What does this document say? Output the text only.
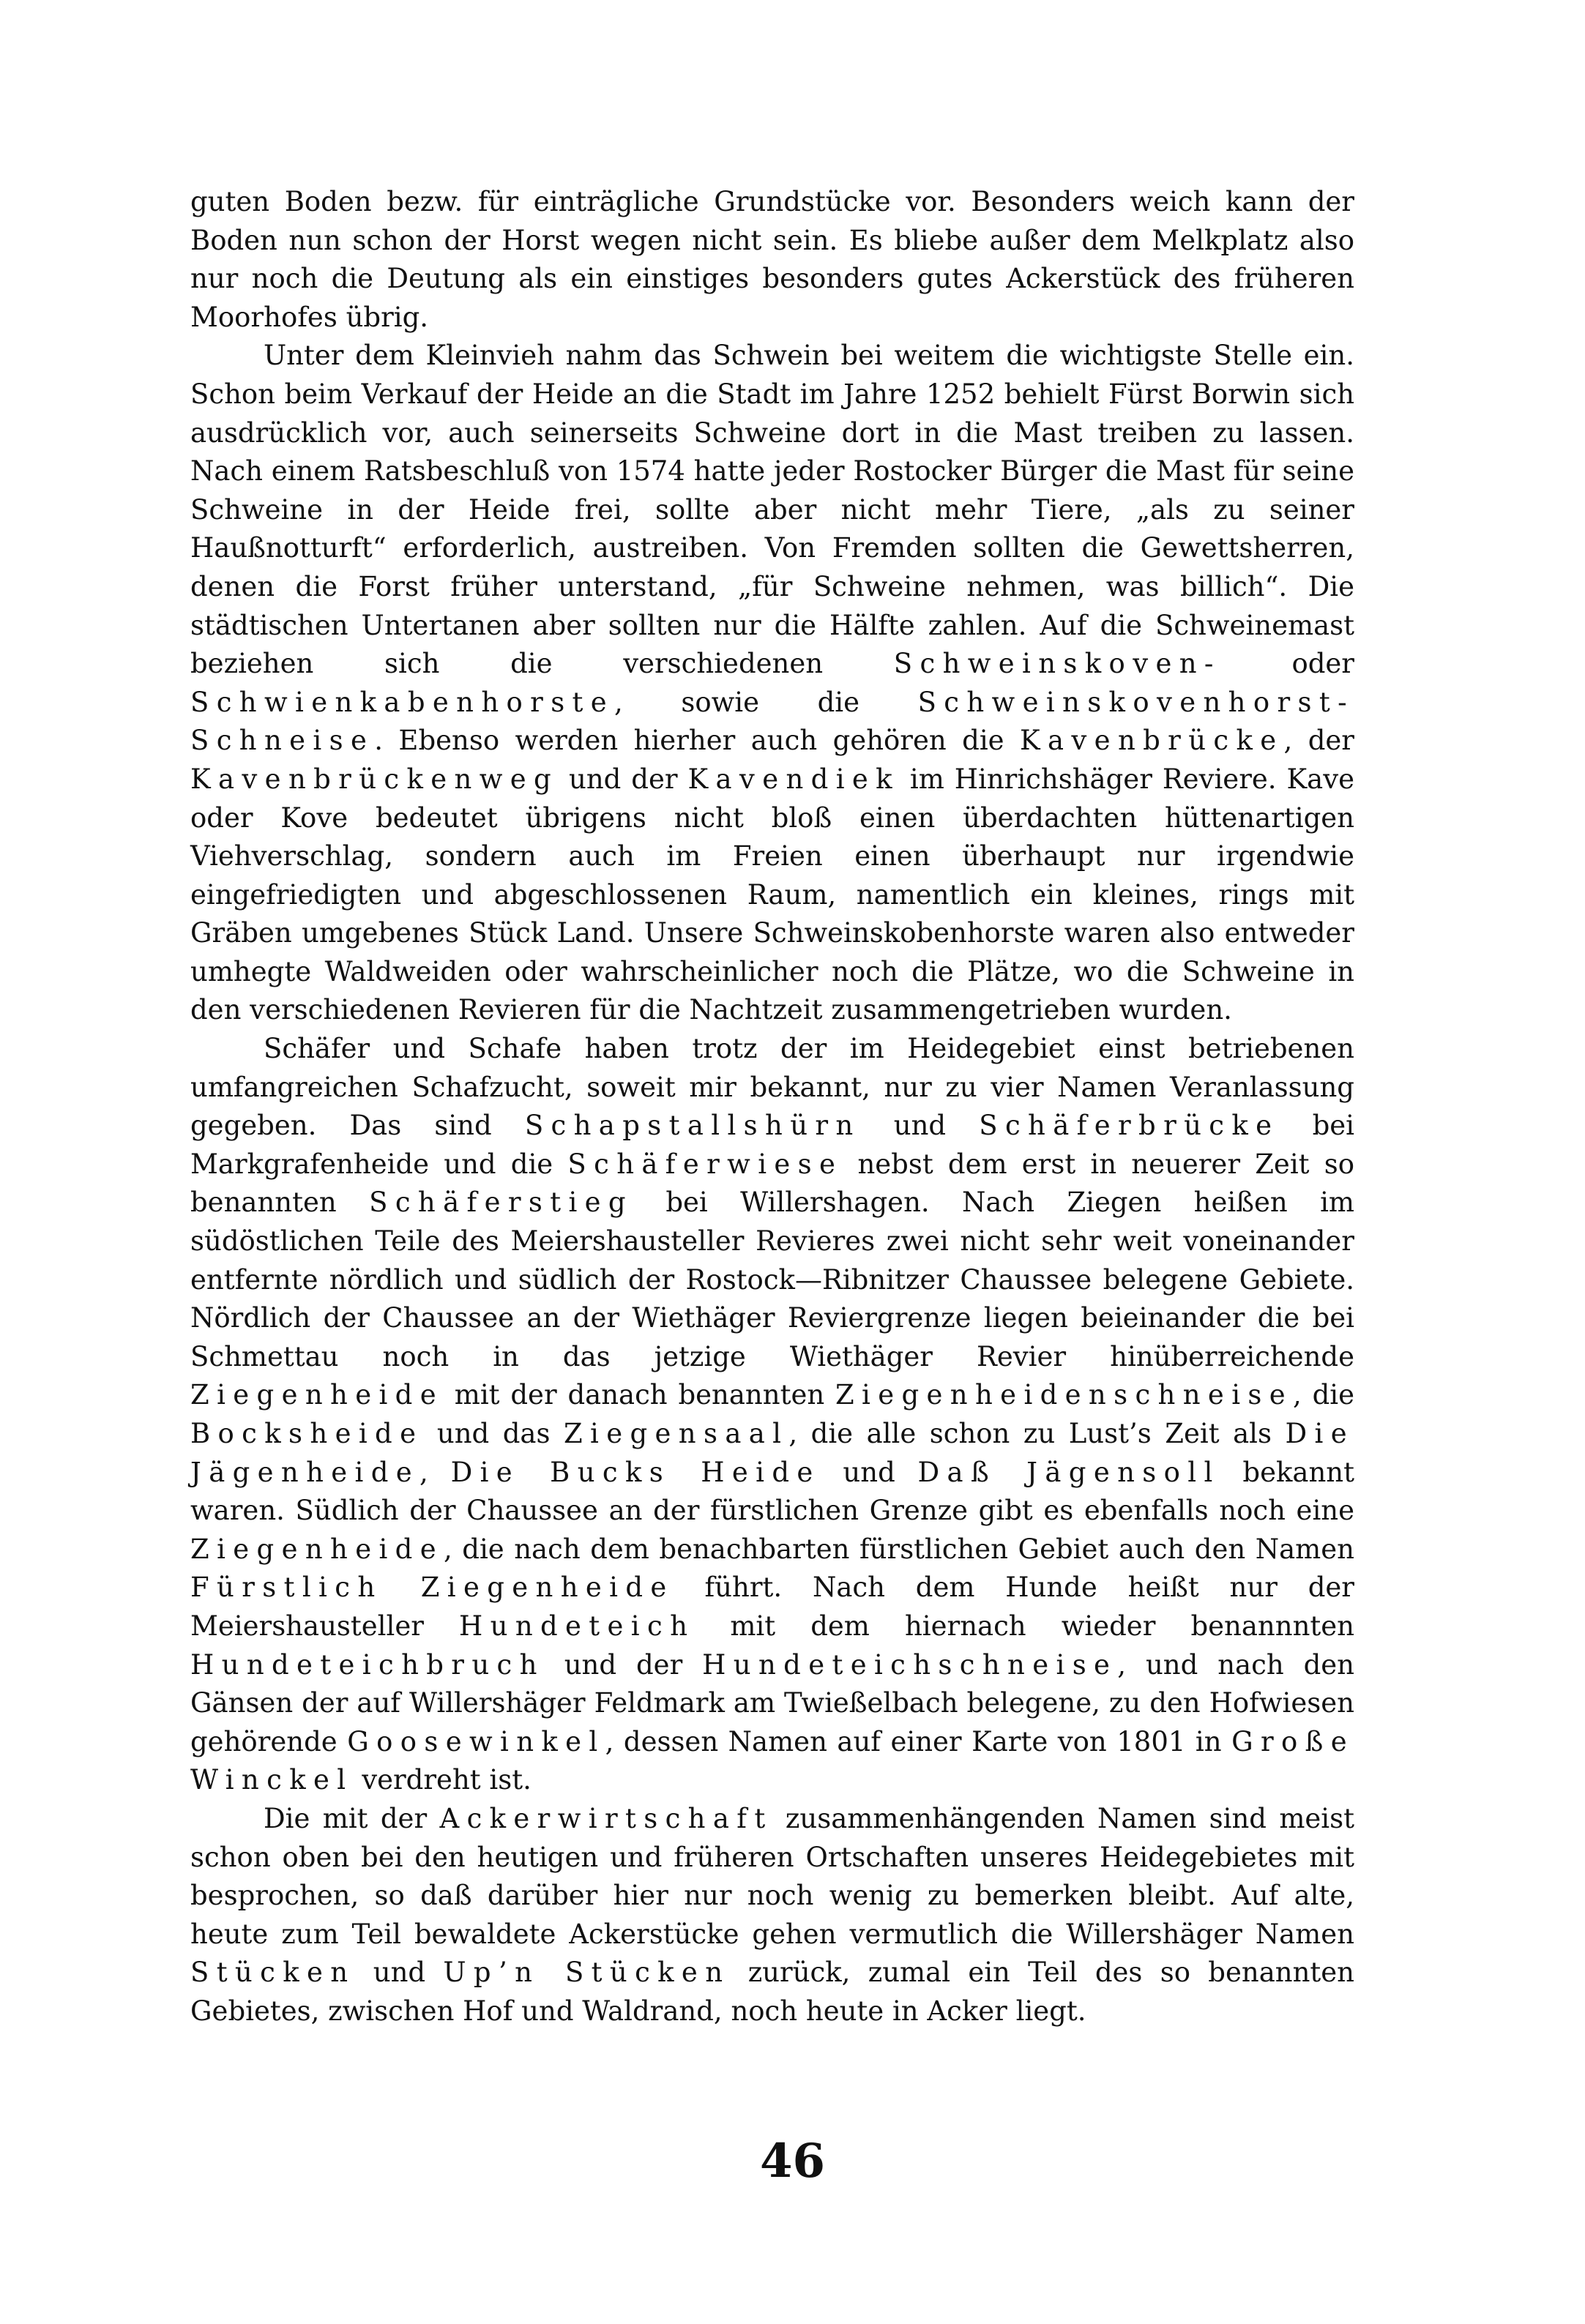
guten Boden bezw. für einträgliche Grundstücke vor. Besonders weich kann der Boden nun schon der Horst wegen nicht sein. Es bliebe außer dem Melkplatz also nur noch die Deutung als ein einstiges besonders gutes Ackerstück des früheren Moorhofes übrig.

Unter dem Kleinvieh nahm das Schwein bei weitem die wichtigste Stelle ein. Schon beim Verkauf der Heide an die Stadt im Jahre 1252 behielt Fürst Borwin sich ausdrücklich vor, auch seinerseits Schweine dort in die Mast treiben zu lassen. Nach einem Ratsbeschluß von 1574 hatte jeder Rostocker Bürger die Mast für seine Schweine in der Heide frei, sollte aber nicht mehr Tiere, „als zu seiner Haußnotturft“ erforderlich, austreiben. Von Fremden sollten die Gewettsherren, denen die Forst früher unterstand, „für Schweine nehmen, was billich“. Die städtischen Untertanen aber sollten nur die Hälfte zahlen. Auf die Schweinemast beziehen sich die verschiedenen Schweinskoven- oder Schwienkabenhorste, sowie die Schweinskovenhorst-Schneise. Ebenso werden hierher auch gehören die Kavenbrücke, der Kavenbrückenweg und der Kavendiek im Hinrichshäger Reviere. Kave oder Kove bedeutet übrigens nicht bloß einen überdachten hüttenartigen Viehverschlag, sondern auch im Freien einen überhaupt nur irgendwie eingefriedigten und abgeschlossenen Raum, namentlich ein kleines, rings mit Gräben umgebenes Stück Land. Unsere Schweinskobenhorste waren also entweder umhegte Waldweiden oder wahrscheinlicher noch die Plätze, wo die Schweine in den verschiedenen Revieren für die Nachtzeit zusammengetrieben wurden.

Schäfer und Schafe haben trotz der im Heidegebiet einst betriebenen umfangreichen Schafzucht, soweit mir bekannt, nur zu vier Namen Veranlassung gegeben. Das sind Schapstallshürn und Schäferbrücke bei Markgrafenheide und die Schäferwiese nebst dem erst in neuerer Zeit so benannten Schäferstieg bei Willershagen. Nach Ziegen heißen im südöstlichen Teile des Meiershausteller Revieres zwei nicht sehr weit voneinander entfernte nördlich und südlich der Rostock—Ribnitzer Chaussee belegene Gebiete. Nördlich der Chaussee an der Wiethäger Reviergrenze liegen beieinander die bei Schmettau noch in das jetzige Wiethäger Revier hinüberreichende Ziegenheide mit der danach benannten Ziegenheidenschneise, die Bocksheide und das Ziegensaal, die alle schon zu Lust’s Zeit als Die Jägenheide, Die Bucks Heide und Daß Jägensoll bekannt waren. Südlich der Chaussee an der fürstlichen Grenze gibt es ebenfalls noch eine Ziegenheide, die nach dem benachbarten fürstlichen Gebiet auch den Namen Fürstlich Ziegenheide führt. Nach dem Hunde heißt nur der Meiershausteller Hundeteich mit dem hiernach wieder benannnten Hundeteichbruch und der Hundeteichschneise, und nach den Gänsen der auf Willershäger Feldmark am Twießelbach belegene, zu den Hofwiesen gehörende Goosewinkel, dessen Namen auf einer Karte von 1801 in Große Winckel verdreht ist.

Die mit der Ackerwirtschaft zusammenhängenden Namen sind meist schon oben bei den heutigen und früheren Ortschaften unseres Heidegebietes mit besprochen, so daß darüber hier nur noch wenig zu bemerken bleibt. Auf alte, heute zum Teil bewaldete Ackerstücke gehen vermutlich die Willershäger Namen Stücken und Up’n Stücken zurück, zumal ein Teil des so benannten Gebietes, zwischen Hof und Waldrand, noch heute in Acker liegt.

46
